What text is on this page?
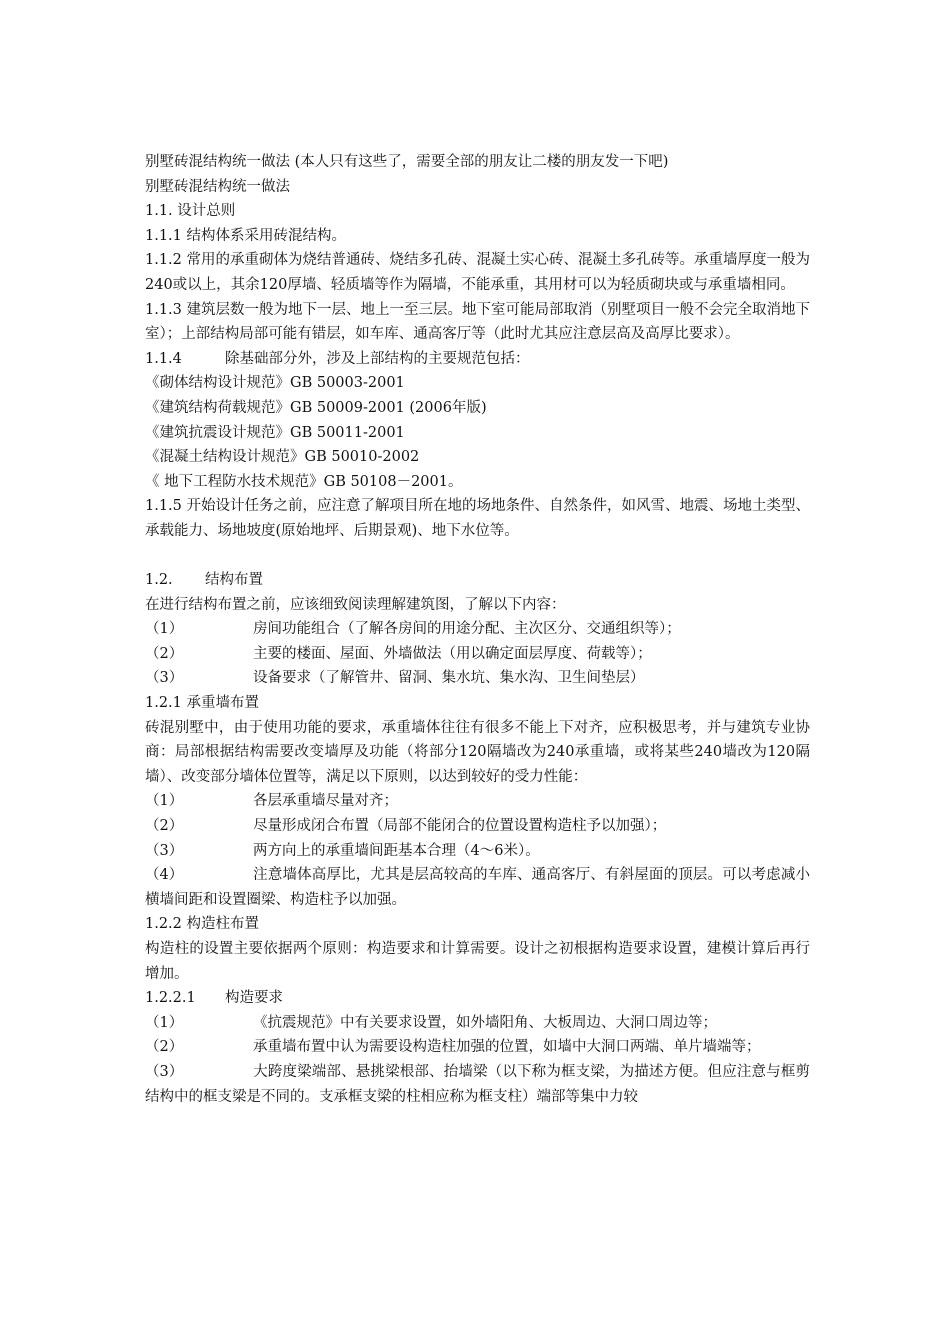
别墅砖混结构统一做法 (本人只有这些了，需要全部的朋友让二楼的朋友发一下吧)

别墅砖混结构统一做法

1.1. 设计总则

1.1.1 结构体系采用砖混结构。

1.1.2 常用的承重砌体为烧结普通砖、烧结多孔砖、混凝土实心砖、混凝土多孔砖等。承重墙厚度一般为240或以上，其余120厚墙、轻质墙等作为隔墙，不能承重，其用材可以为轻质砌块或与承重墙相同。

1.1.3 建筑层数一般为地下一层、地上一至三层。地下室可能局部取消（别墅项目一般不会完全取消地下室）；上部结构局部可能有错层，如车库、通高客厅等（此时尤其应注意层高及高厚比要求）。

1.1.4	除基础部分外，涉及上部结构的主要规范包括：

《砌体结构设计规范》GB 50003-2001

《建筑结构荷载规范》GB 50009-2001 (2006年版)

《建筑抗震设计规范》GB 50011-2001

《混凝土结构设计规范》GB 50010-2002

《 地下工程防水技术规范》GB 50108－2001。

1.1.5 开始设计任务之前，应注意了解项目所在地的场地条件、自然条件，如风雪、地震、场地土类型、承载能力、场地坡度(原始地坪、后期景观)、地下水位等。

1.2. 结构布置

在进行结构布置之前，应该细致阅读理解建筑图，了解以下内容：

（1）	房间功能组合（了解各房间的用途分配、主次区分、交通组织等）；

（2）	主要的楼面、屋面、外墙做法（用以确定面层厚度、荷载等）；

（3）	设备要求（了解管井、留洞、集水坑、集水沟、卫生间垫层）

1.2.1 承重墙布置

砖混别墅中，由于使用功能的要求，承重墙体往往有很多不能上下对齐，应积极思考，并与建筑专业协商：局部根据结构需要改变墙厚及功能（将部分120隔墙改为240承重墙，或将某些240墙改为120隔墙）、改变部分墙体位置等，满足以下原则，以达到较好的受力性能：

（1）	各层承重墙尽量对齐；

（2）	尽量形成闭合布置（局部不能闭合的位置设置构造柱予以加强）；

（3）	两方向上的承重墙间距基本合理（4～6米）。

（4）	注意墙体高厚比，尤其是层高较高的车库、通高客厅、有斜屋面的顶层。可以考虑减小横墙间距和设置圈梁、构造柱予以加强。

1.2.2 构造柱布置

构造柱的设置主要依据两个原则：构造要求和计算需要。设计之初根据构造要求设置，建模计算后再行增加。

1.2.2.1 构造要求

（1）	《抗震规范》中有关要求设置，如外墙阳角、大板周边、大洞口周边等；

（2）	承重墙布置中认为需要设构造柱加强的位置，如墙中大洞口两端、单片墙端等；

（3）	大跨度梁端部、悬挑梁根部、抬墙梁（以下称为框支梁，为描述方便。但应注意与框剪结构中的框支梁是不同的。支承框支梁的柱相应称为框支柱）端部等集中力较
